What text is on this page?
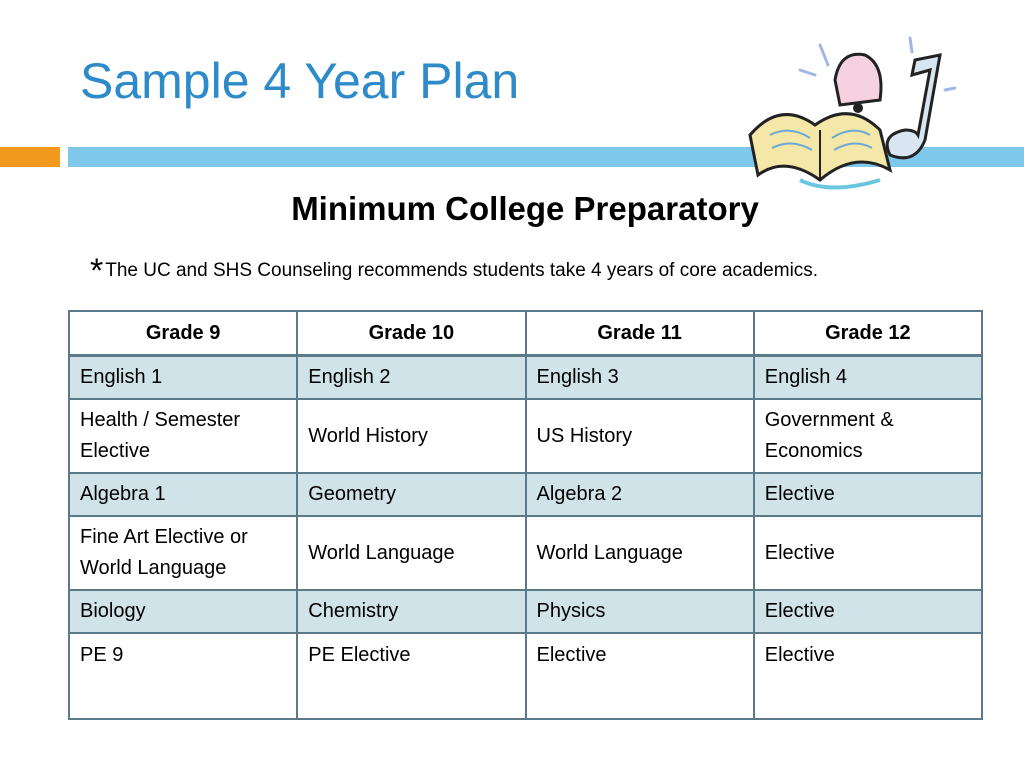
Sample 4 Year Plan
Minimum College Preparatory
* The UC and SHS Counseling recommends students take 4 years of core academics.
Grade 9	Grade 10	Grade 11	Grade 12
English 1	English 2	English 3	English 4
Health / Semester Elective	World History	US History	Government & Economics
Algebra 1	Geometry	Algebra 2	Elective
Fine Art Elective or World Language	World Language	World Language	Elective
Biology	Chemistry	Physics	Elective
PE 9	PE Elective	Elective	Elective
